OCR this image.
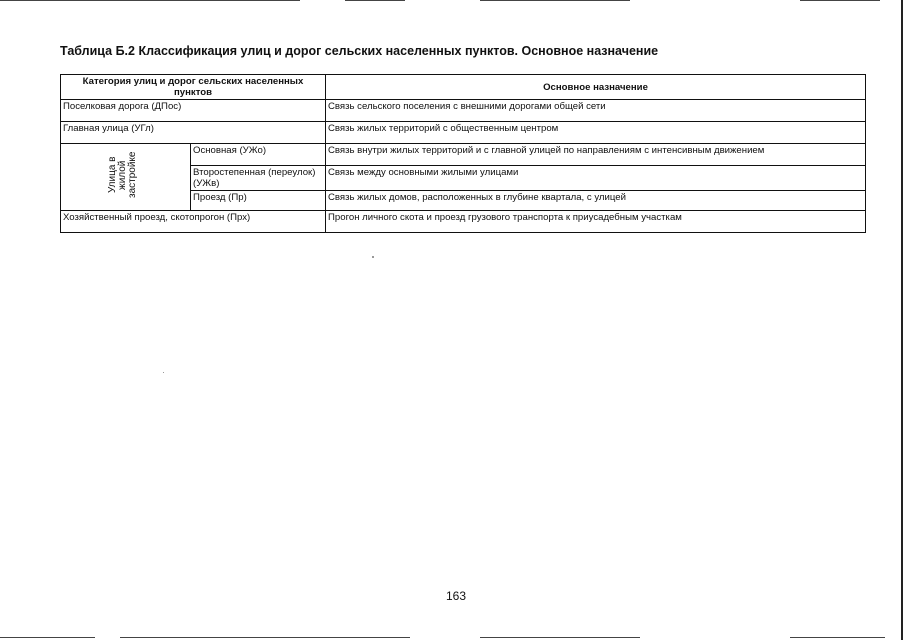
Таблица Б.2 Классификация улиц и дорог сельских населенных пунктов. Основное назначение
Категория улиц и дорог сельских населенных пунктов		Основное назначение
Поселковая дорога (ДПос)		Связь сельского поселения с внешними дорогами общей сети
Главная улица (УГл)		Связь жилых территорий с общественным центром

Улица в жилой застройке	Основная (УЖо)	Связь внутри жилых территорий и с главной улицей по направлениям с интенсивным движением
	Второстепенная (переулок) (УЖв)	Связь между основными жилыми улицами
	Проезд (Пр)	Связь жилых домов, расположенных в глубине квартала, с улицей
Хозяйственный проезд, скотопрогон (Прх)		Прогон личного скота и проезд грузового транспорта к приусадебным участкам
163
